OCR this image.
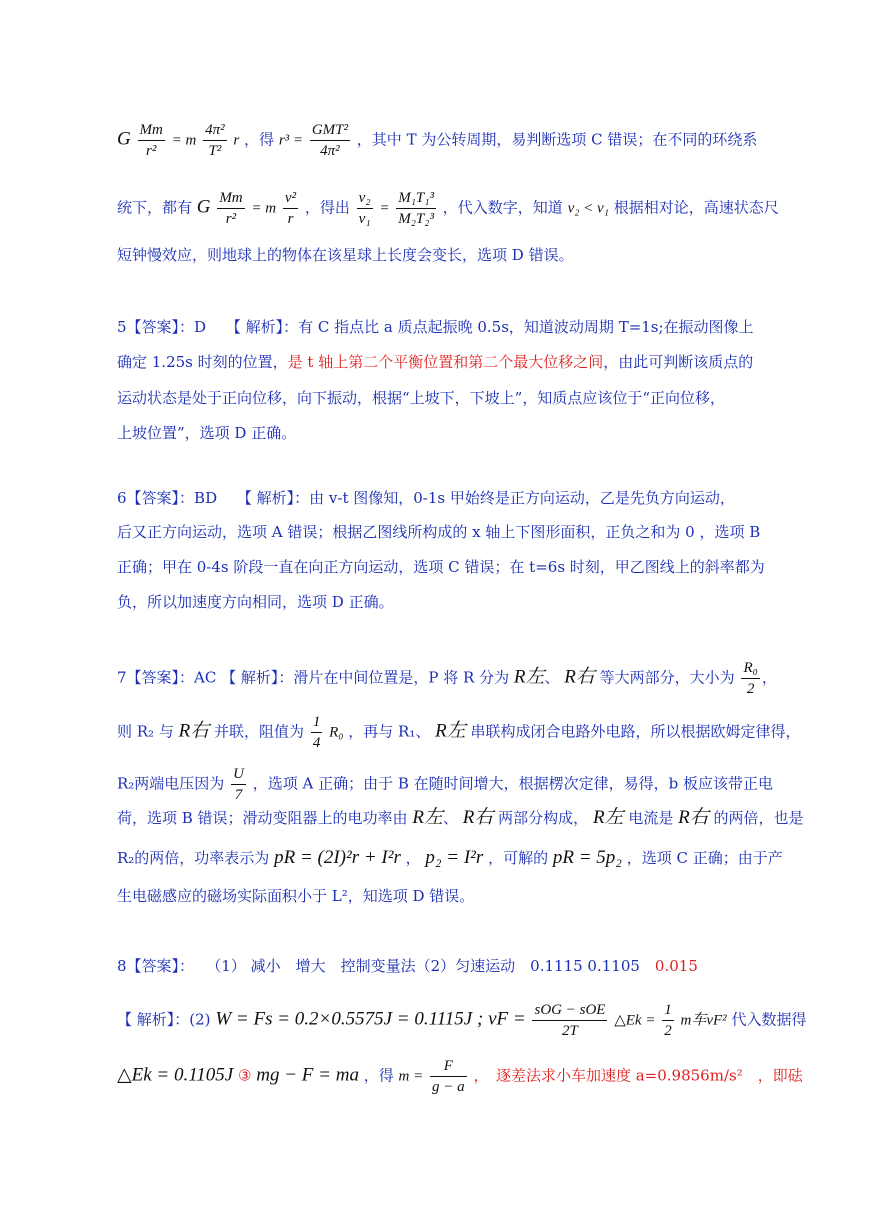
G $\frac{Mm}{\text{r²}} = m \frac{\text{4π²}}{\text{T²}}$ r ，得 $r^3 = \frac{\text{GMT²}}{\text{4π²}}$ ，其中 T 为公转周期，易判断选项 C 错误；在不同的环绕系
统下，都有 G $\frac{Mm}{\text{r²}} = m \frac{\text{v²}}{r}$ ，得出 $\frac{\text{v₂}}{\text{v₁}} = \frac{\text{M₁T₁³}}{\text{M₂T₂³}}$ ，代入数字，知道 v₂ < v₁ 根据相对论，高速状态尺
短钟慢效应，则地球上的物体在该星球上长度会变长，选项 D 错误。
5【答案】：D　 【 解析】：有 C 指点比 a 质点起振晚 0.5s，知道波动周期 T=1s;在振动图像上
确定 1.25s 时刻的位置，是 t 轴上第二个平衡位置和第二个最大位移之间，由此可判断该质点的
运动状态是处于正向位移，向下振动，根据“上坡下，下坡上”，知质点应该位于“正向位移，
上坡位置”，选项 D 正确。
6【答案】：BD　 【 解析】：由 v-t 图像知，0-1s 甲始终是正方向运动，乙是先负方向运动，
后又正方向运动，选项 A 错误；根据乙图线所构成的 x 轴上下图形面积，正负之和为 0 ，选项 B
正确；甲在 0-4s 阶段一直在向正方向运动，选项 C 错误；在 t=6s 时刻，甲乙图线上的斜率都为
负，所以加速度方向相同，选项 D 正确。
7【答案】：AC 【 解析】：滑片在中间位置是，P 将 R 分为 R左、 R右 等大两部分，大小为 $\frac{\text{R₀}}{2}$ ，
则 R₂ 与 R右 并联，阻值为 $\frac{1}{4} R_0$ ，再与 R₁、 R左 串联构成闭合电路外电路，所以根据欧姆定律得，
R₂两端电压因为 $\frac{U}{7}$ ，选项 A 正确；由于 B 在随时间增大，根据楞次定律，易得，b 板应该带正电
荷，选项 B 错误；滑动变阻器上的电功率由 R左、 R右 两部分构成， R左 电流是 R右 的两倍，也是
R₂的两倍，功率表示为 pR = (2I)²r + I²r ， p₂ = I²r ，可解的 pR = 5p₂ ，选项 C 正确；由于产
生电磁感应的磁场实际面积小于 L²，知选项 D 错误。
8【答案】：　 （1） 减小　增大　控制变量法（2）匀速运动　0.1115 0.1105　0.015
【 解析】：(2) W = Fs = 0.2×0.5575J = 0.1115J ; vF = $\frac{\text{sOG − sOE}}{2T}$ △Ek = $\frac{1}{2}$ m车vF² 代入数据得
△Ek = 0.1105J ③ mg − F = ma ，得 $m = \frac{F}{g - a}$ ，　逐差法求小车加速度 a=0.9856m/s²　，即砝
